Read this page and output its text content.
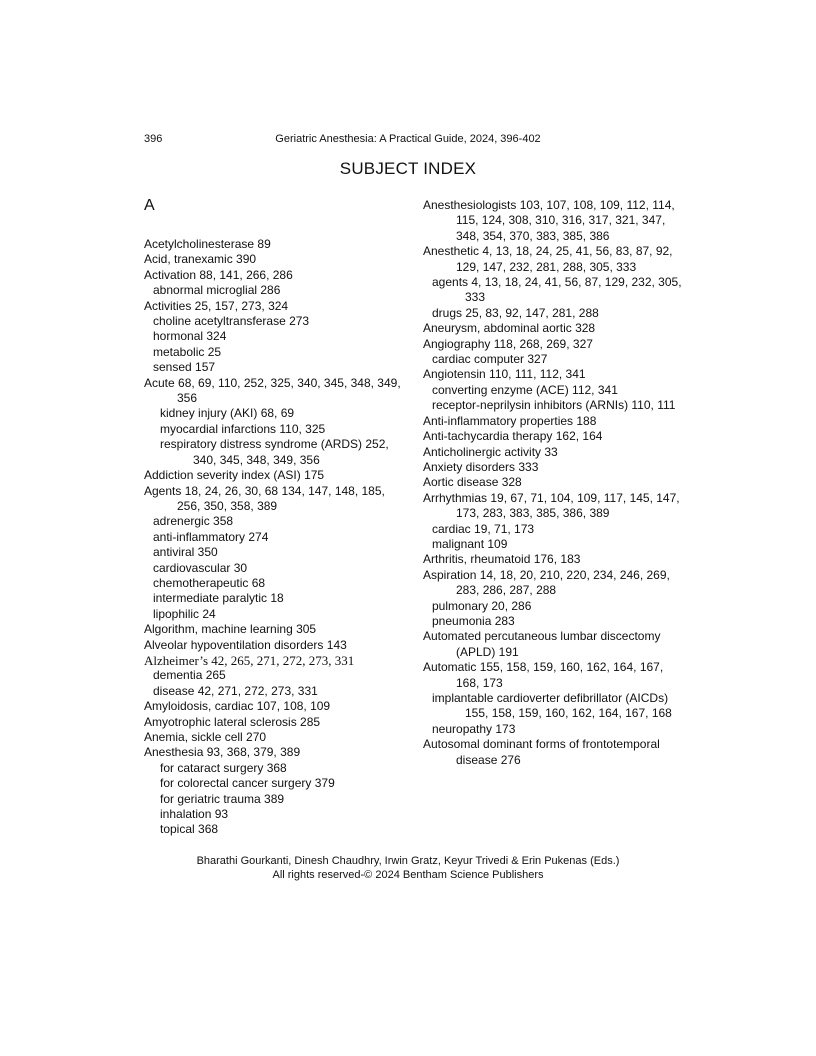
396	Geriatric Anesthesia: A Practical Guide, 2024, 396-402
SUBJECT INDEX
A

Acetylcholinesterase 89

Acid, tranexamic 390

Activation 88, 141, 266, 286

abnormal microglial 286

Activities 25, 157, 273, 324

choline acetyltransferase 273

hormonal 324

metabolic 25

sensed 157

Acute 68, 69, 110, 252, 325, 340, 345, 348, 349, 356

kidney injury (AKI) 68, 69

myocardial infarctions 110, 325

respiratory distress syndrome (ARDS) 252, 340, 345, 348, 349, 356

Addiction severity index (ASI) 175

Agents 18, 24, 26, 30, 68 134, 147, 148, 185, 256, 350, 358, 389

adrenergic 358

anti-inflammatory 274

antiviral 350

cardiovascular 30

chemotherapeutic 68

intermediate paralytic 18

lipophilic 24

Algorithm, machine learning 305

Alveolar hypoventilation disorders 143

Alzheimer’s 42, 265, 271, 272, 273, 331

dementia 265

disease 42, 271, 272, 273, 331

Amyloidosis, cardiac 107, 108, 109

Amyotrophic lateral sclerosis 285

Anemia, sickle cell 270

Anesthesia 93, 368, 379, 389

for cataract surgery 368

for colorectal cancer surgery 379

for geriatric trauma 389

inhalation 93

topical 368

Anesthesiologists 103, 107, 108, 109, 112, 114, 115, 124, 308, 310, 316, 317, 321, 347, 348, 354, 370, 383, 385, 386

Anesthetic 4, 13, 18, 24, 25, 41, 56, 83, 87, 92, 129, 147, 232, 281, 288, 305, 333

agents 4, 13, 18, 24, 41, 56, 87, 129, 232, 305, 333

drugs 25, 83, 92, 147, 281, 288

Aneurysm, abdominal aortic 328

Angiography 118, 268, 269, 327

cardiac computer 327

Angiotensin 110, 111, 112, 341

converting enzyme (ACE) 112, 341

receptor-neprilysin inhibitors (ARNIs) 110, 111

Anti-inflammatory properties 188

Anti-tachycardia therapy 162, 164

Anticholinergic activity 33

Anxiety disorders 333

Aortic disease 328

Arrhythmias 19, 67, 71, 104, 109, 117, 145, 147, 173, 283, 383, 385, 386, 389

cardiac 19, 71, 173

malignant 109

Arthritis, rheumatoid 176, 183

Aspiration 14, 18, 20, 210, 220, 234, 246, 269, 283, 286, 287, 288

pulmonary 20, 286

pneumonia 283

Automated percutaneous lumbar discectomy (APLD) 191

Automatic 155, 158, 159, 160, 162, 164, 167, 168, 173

implantable cardioverter defibrillator (AICDs) 155, 158, 159, 160, 162, 164, 167, 168

neuropathy 173

Autosomal dominant forms of frontotemporal disease 276

Bharathi Gourkanti, Dinesh Chaudhry, Irwin Gratz, Keyur Trivedi & Erin Pukenas (Eds.)
All rights reserved-© 2024 Bentham Science Publishers
